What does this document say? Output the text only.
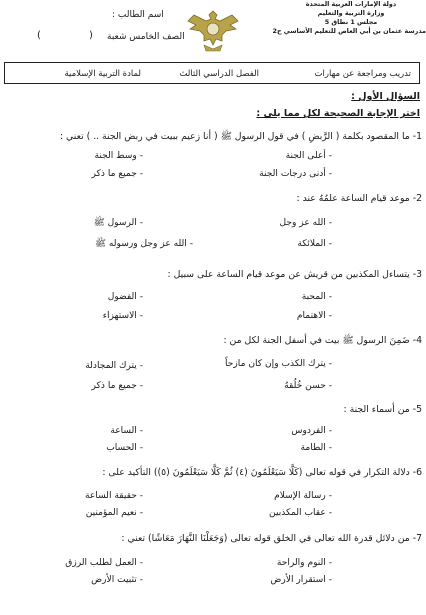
دولة الإمارات العربية المتحدة
وزارة التربية والتعليم
مجلس 1 نطاق 5
مدرسة عثمان بن أبي العاص للتعليم الأساسي ح2
اسم الطالب :
الصف الخامس شعبة
(
)
تدريب ومراجعة عن مهارات
الفصل الدراسي الثالث
لمادة التربية الإسلامية
السؤال الأول :
اختر الإجابة الصحيحة لكل مما يلي :
1- ما المقصود بكلمة ( الرَّبضِ ) في قول الرسول ﷺ ( أنا زعيم ببيت في ربض الجنة .. ) تعني :
- أعلى الجنة
- وسط الجنة
- أدنى درجات الجنة
- جميع ما ذكر
2- موعد قيام الساعة علمُهُ عند :
- الله عز وجل
- الرسول ﷺ
- الملائكة
- الله عز وجل ورسوله ﷺ
3- يتساءل المكذبين من قريش عن موعد قيام الساعة على سبيل :
- المحبة
- الفضول
- الاهتمام
- الاستهزاء
4- ضَمِنَ الرسول ﷺ بيت في أسفل الجنة لكل من :
- يترك الكذب وإن كان مازحاً
- يترك المجادلة
- حسن خُلُقهُ
- جميع ما ذكر
5- من أسماء الجنة :
- الفردوس
- الساعة
- الطامة
- الحساب
6- دلالة التكرار في قوله تعالى (كَلَّا سَيَعْلَمُونَ (٤) ثُمَّ كَلَّا سَيَعْلَمُونَ (٥)) التأكيد على :
- رسالة الإسلام
- حقيقة الساعة
- عقاب المكذبين
- نعيم المؤمنين
7- من دلائل قدرة الله تعالى في الخلق قوله تعالى (وَجَعَلْنَا النَّهَارَ مَعَاشًا) تعني :
- النوم والراحة
- العمل لطلب الرزق
- استقرار الأرض
- تثبيت الأرض
